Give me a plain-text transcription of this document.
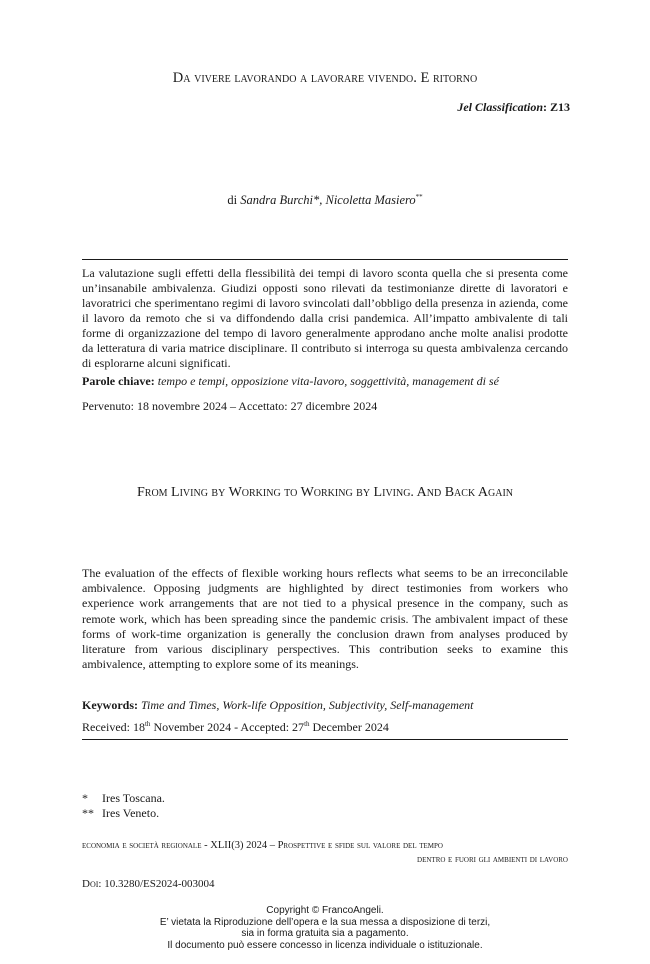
Da vivere lavorando a lavorare vivendo. E ritorno
Jel Classification: Z13
di Sandra Burchi*, Nicoletta Masiero**

La valutazione sugli effetti della flessibilità dei tempi di lavoro sconta quella che si presenta come un’insanabile ambivalenza. Giudizi opposti sono rilevati da testimonianze dirette di lavoratori e lavoratrici che sperimentano regimi di lavoro svincolati dall’obbligo della presenza in azienda, come il lavoro da remoto che si va diffondendo dalla crisi pandemica. All’impatto ambivalente di tali forme di organizzazione del tempo di lavoro generalmente approdano anche molte analisi prodotte da letteratura di varia matrice disciplinare. Il contributo si interroga su questa ambivalenza cercando di esplorarne alcuni significati.

Parole chiave: tempo e tempi, opposizione vita-lavoro, soggettività, management di sé

Pervenuto: 18 novembre 2024 – Accettato: 27 dicembre 2024

From Living by Working to Working by Living. And Back Again

The evaluation of the effects of flexible working hours reflects what seems to be an irreconcilable ambivalence. Opposing judgments are highlighted by direct testimonies from workers who experience work arrangements that are not tied to a physical presence in the company, such as remote work, which has been spreading since the pandemic crisis. The ambivalent impact of these forms of work-time organization is generally the conclusion drawn from analyses produced by literature from various disciplinary perspectives. This contribution seeks to examine this ambivalence, attempting to explore some of its meanings.

Keywords: Time and Times, Work-life Opposition, Subjectivity, Self-management

Received: 18th November 2024 - Accepted: 27th December 2024

* Ires Toscana.
** Ires Veneto.
economia e società regionale - XLII(3) 2024 – Prospettive e sfide sul valore del tempo
dentro e fuori gli ambienti di lavoro
Doi: 10.3280/ES2024-003004
Copyright © FrancoAngeli.
E’ vietata la Riproduzione dell’opera e la sua messa a disposizione di terzi,
sia in forma gratuita sia a pagamento.
Il documento può essere concesso in licenza individuale o istituzionale.
